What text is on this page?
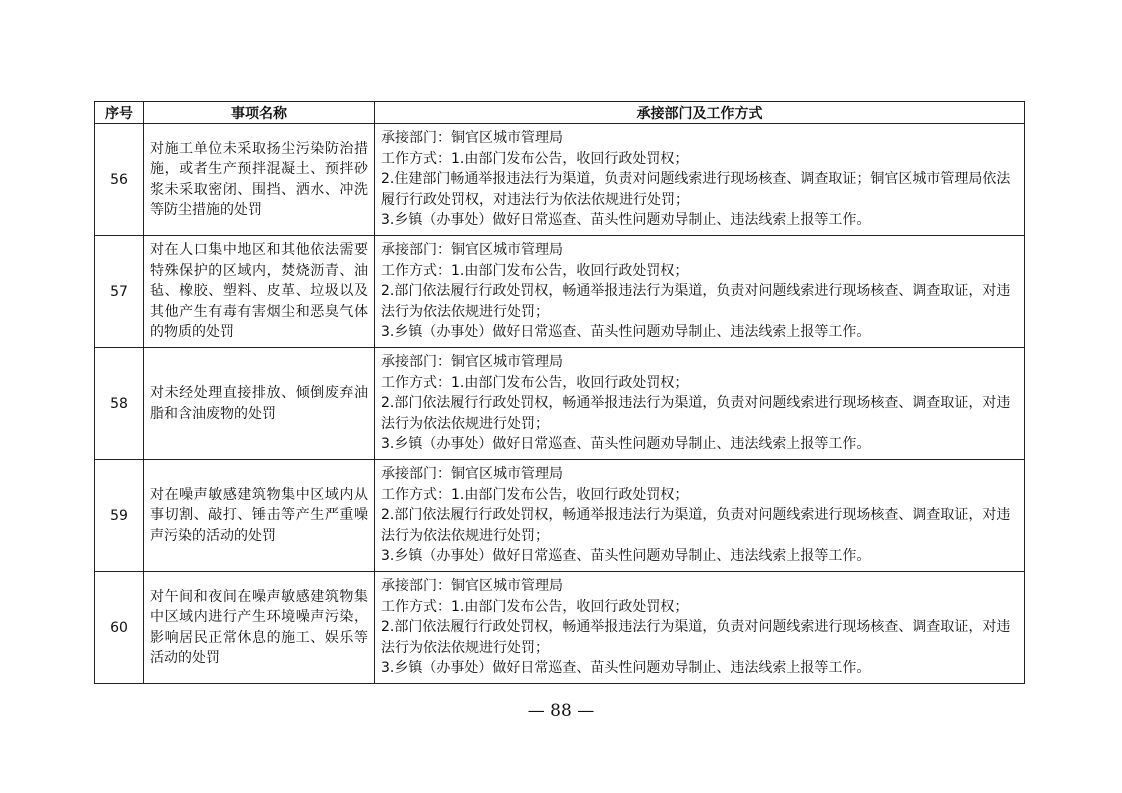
序号	事项名称	承接部门及工作方式
56	对施工单位未采取扬尘污染防治措施，或者生产预拌混凝土、预拌砂浆未采取密闭、围挡、洒水、冲洗等防尘措施的处罚	承接部门：铜官区城市管理局
工作方式：1.由部门发布公告，收回行政处罚权；
2.住建部门畅通举报违法行为渠道，负责对问题线索进行现场核查、调查取证；铜官区城市管理局依法履行行政处罚权，对违法行为依法依规进行处罚；
3.乡镇（办事处）做好日常巡查、苗头性问题劝导制止、违法线索上报等工作。

57	对在人口集中地区和其他依法需要特殊保护的区域内，焚烧沥青、油毡、橡胶、塑料、皮革、垃圾以及其他产生有毒有害烟尘和恶臭气体的物质的处罚	承接部门：铜官区城市管理局
工作方式：1.由部门发布公告，收回行政处罚权；
2.部门依法履行行政处罚权，畅通举报违法行为渠道，负责对问题线索进行现场核查、调查取证，对违法行为依法依规进行处罚；
3.乡镇（办事处）做好日常巡查、苗头性问题劝导制止、违法线索上报等工作。

58	对未经处理直接排放、倾倒废弃油脂和含油废物的处罚	承接部门：铜官区城市管理局
工作方式：1.由部门发布公告，收回行政处罚权；
2.部门依法履行行政处罚权，畅通举报违法行为渠道，负责对问题线索进行现场核查、调查取证，对违法行为依法依规进行处罚；
3.乡镇（办事处）做好日常巡查、苗头性问题劝导制止、违法线索上报等工作。

59	对在噪声敏感建筑物集中区域内从事切割、敲打、锤击等产生严重噪声污染的活动的处罚	承接部门：铜官区城市管理局
工作方式：1.由部门发布公告，收回行政处罚权；
2.部门依法履行行政处罚权，畅通举报违法行为渠道，负责对问题线索进行现场核查、调查取证，对违法行为依法依规进行处罚；
3.乡镇（办事处）做好日常巡查、苗头性问题劝导制止、违法线索上报等工作。

60	对午间和夜间在噪声敏感建筑物集中区域内进行产生环境噪声污染，影响居民正常休息的施工、娱乐等活动的处罚	承接部门：铜官区城市管理局
工作方式：1.由部门发布公告，收回行政处罚权；
2.部门依法履行行政处罚权，畅通举报违法行为渠道，负责对问题线索进行现场核查、调查取证，对违法行为依法依规进行处罚；
3.乡镇（办事处）做好日常巡查、苗头性问题劝导制止、违法线索上报等工作。
— 88 —
